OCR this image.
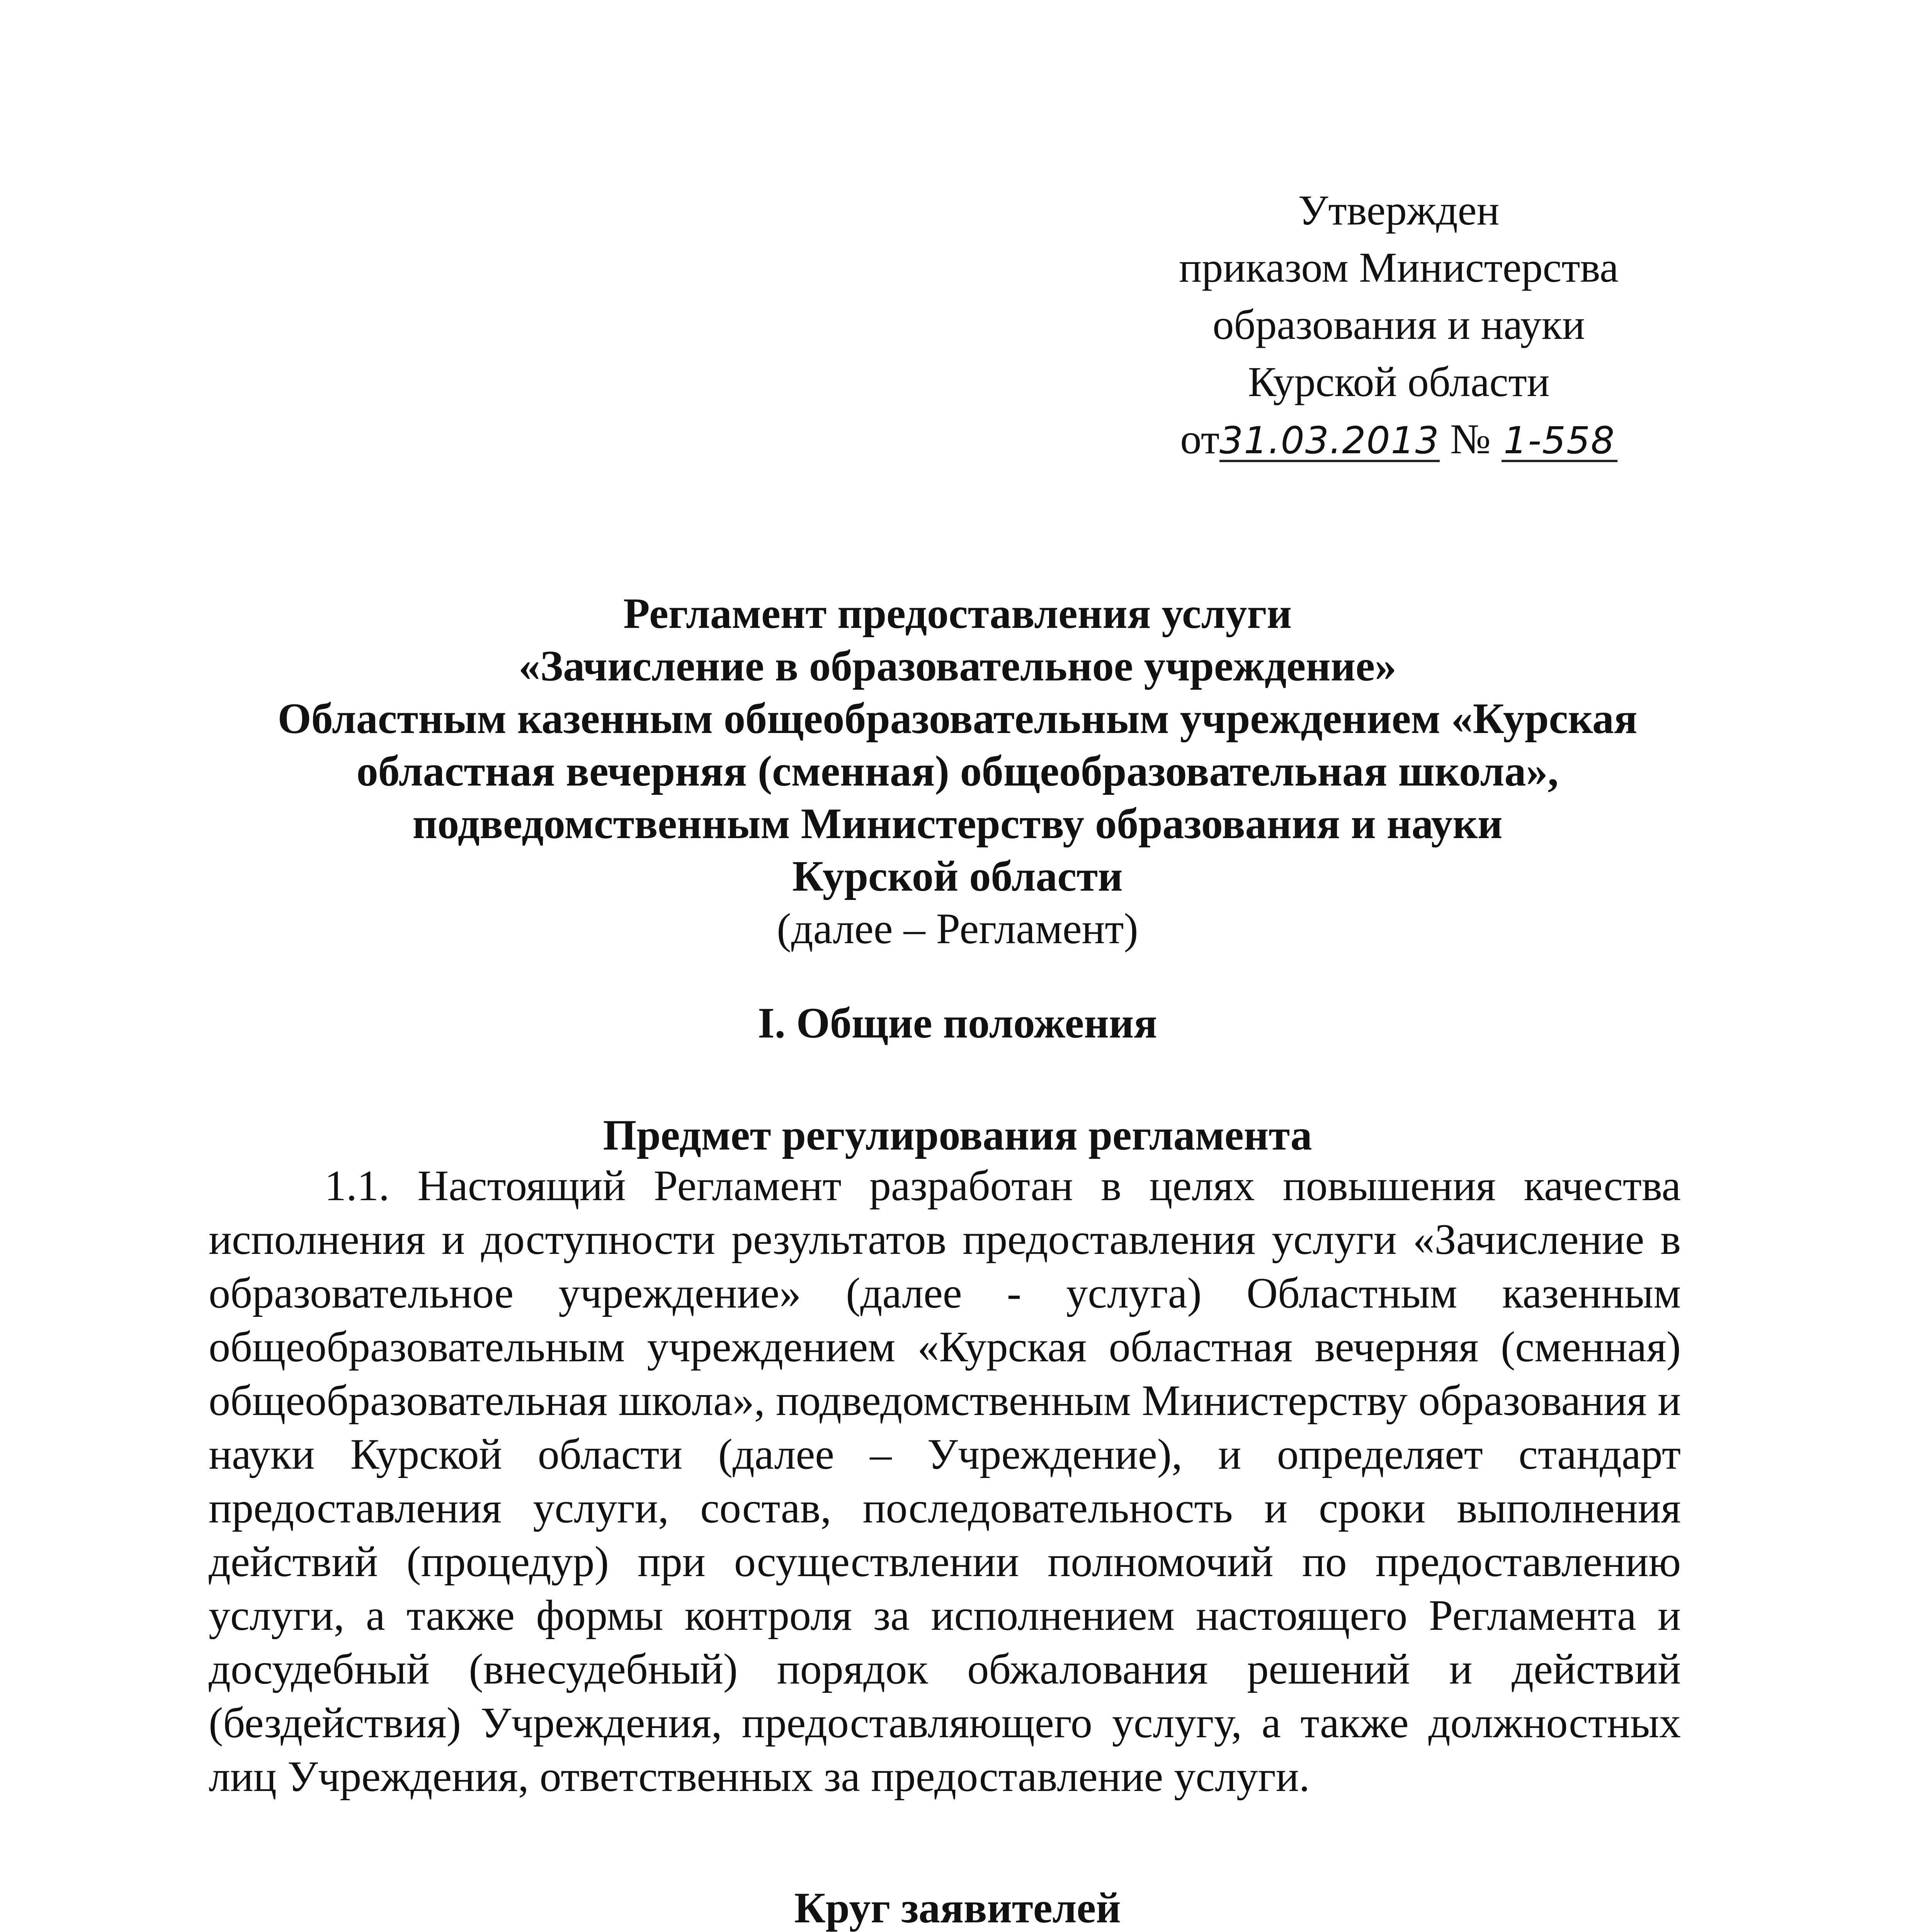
Утвержден
приказом Министерства
образования и науки
Курской области
от31.03.2013 № 1-558
Регламент предоставления услуги
«Зачисление в образовательное учреждение»
Областным казенным общеобразовательным учреждением «Курская
областная вечерняя (сменная) общеобразовательная школа»,
подведомственным Министерству образования и науки
Курской области
(далее – Регламент)
I. Общие положения
Предмет регулирования регламента
1.1. Настоящий Регламент разработан в целях повышения качества исполнения и доступности результатов предоставления услуги «Зачисление в образовательное учреждение» (далее - услуга) Областным казенным общеобразовательным учреждением «Курская областная вечерняя (сменная) общеобразовательная школа», подведомственным Министерству образования и науки Курской области (далее – Учреждение), и определяет стандарт предоставления услуги, состав, последовательность и сроки выполнения действий (процедур) при осуществлении полномочий по предоставлению услуги, а также формы контроля за исполнением настоящего Регламента и досудебный (внесудебный) порядок обжалования решений и действий (бездействия) Учреждения, предоставляющего услугу, а также должностных лиц Учреждения, ответственных за предоставление услуги.
Круг заявителей
